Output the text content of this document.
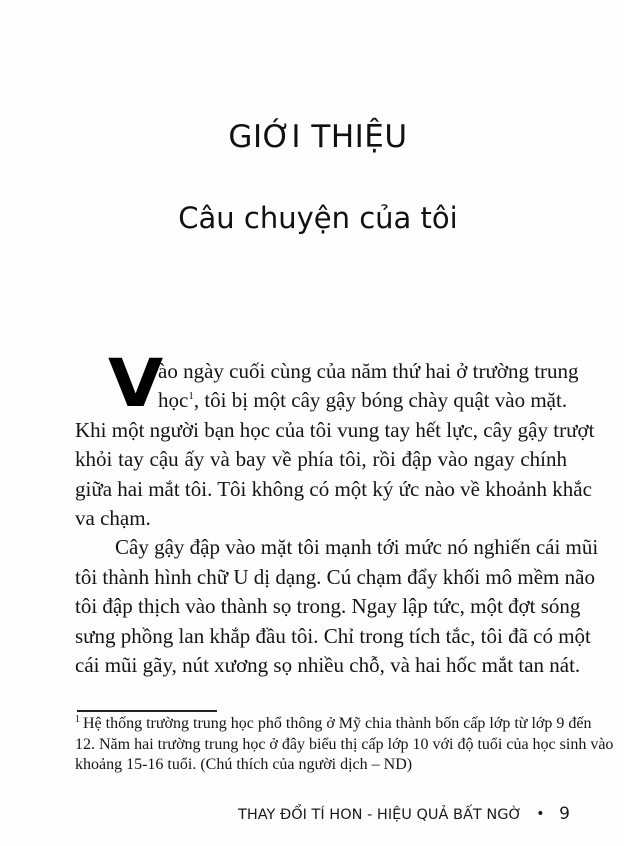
GIỚI THIỆU
Câu chuyện của tôi
V

ào ngày cuối cùng của năm thứ hai ở trường trung
học$^1$, tôi bị một cây gậy bóng chày quật vào mặt.
Khi một người bạn học của tôi vung tay hết lực, cây gậy trượt
khỏi tay cậu ấy và bay về phía tôi, rồi đập vào ngay chính
giữa hai mắt tôi. Tôi không có một ký ức nào về khoảnh khắc
va chạm.

Cây gậy đập vào mặt tôi mạnh tới mức nó nghiến cái mũi
tôi thành hình chữ U dị dạng. Cú chạm đẩy khối mô mềm não
tôi đập thịch vào thành sọ trong. Ngay lập tức, một đợt sóng
sưng phồng lan khắp đầu tôi. Chỉ trong tích tắc, tôi đã có một
cái mũi gãy, nút xương sọ nhiều chỗ, và hai hốc mắt tan nát.

$^1$ Hệ thống trường trung học phổ thông ở Mỹ chia thành bốn cấp lớp từ lớp 9 đến
12. Năm hai trường trung học ở đây biểu thị cấp lớp 10 với độ tuổi của học sinh vào
khoảng 15-16 tuổi. (Chú thích của người dịch – ND)
THAY ĐỔI TÍ HON - HIỆU QUẢ BẤT NGỜ • 9
